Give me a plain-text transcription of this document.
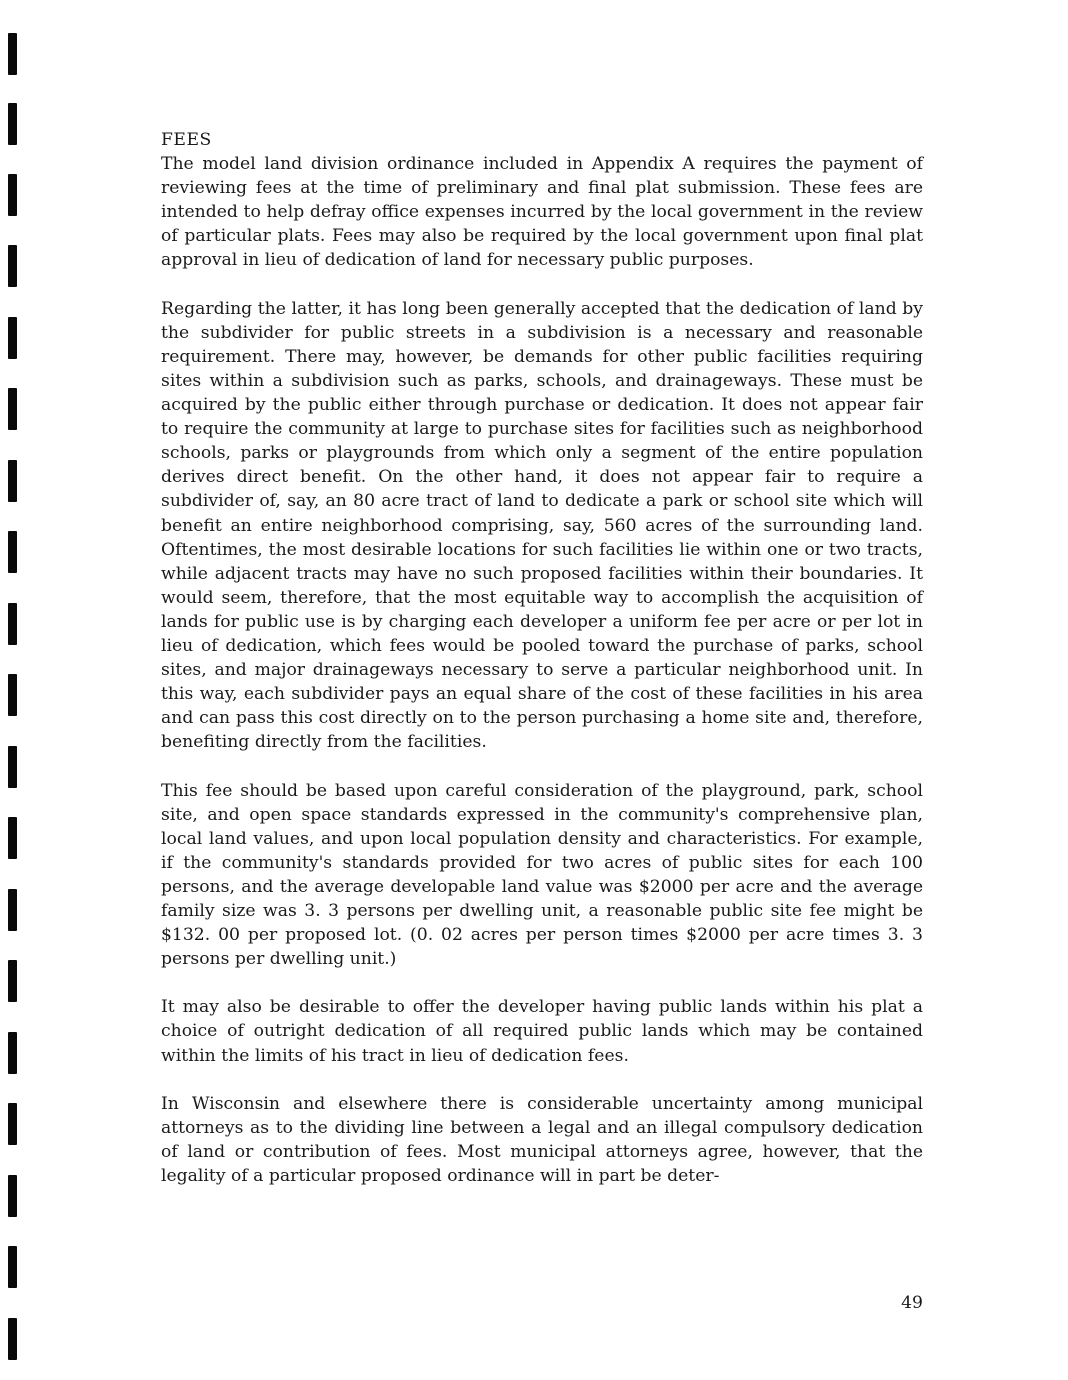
FEES

The model land division ordinance included in Appendix A requires the payment of reviewing fees at the time of preliminary and final plat submission. These fees are intended to help defray office expenses incurred by the local government in the review of particular plats. Fees may also be required by the local government upon final plat approval in lieu of dedication of land for necessary public purposes.

Regarding the latter, it has long been generally accepted that the dedication of land by the subdivider for public streets in a subdivision is a necessary and reasonable requirement. There may, however, be demands for other public facilities requiring sites within a subdivision such as parks, schools, and drainageways. These must be acquired by the public either through purchase or dedication. It does not appear fair to require the community at large to purchase sites for facilities such as neighborhood schools, parks or playgrounds from which only a segment of the entire population derives direct benefit. On the other hand, it does not appear fair to require a subdivider of, say, an 80 acre tract of land to dedicate a park or school site which will benefit an entire neighborhood comprising, say, 560 acres of the surrounding land. Oftentimes, the most desirable locations for such facilities lie within one or two tracts, while adjacent tracts may have no such proposed facilities within their boundaries. It would seem, therefore, that the most equitable way to accomplish the acquisition of lands for public use is by charging each developer a uniform fee per acre or per lot in lieu of dedication, which fees would be pooled toward the purchase of parks, school sites, and major drainageways necessary to serve a particular neighborhood unit. In this way, each subdivider pays an equal share of the cost of these facilities in his area and can pass this cost directly on to the person purchasing a home site and, therefore, benefiting directly from the facilities.

This fee should be based upon careful consideration of the playground, park, school site, and open space standards expressed in the community's comprehensive plan, local land values, and upon local population density and characteristics. For example, if the community's standards provided for two acres of public sites for each 100 persons, and the average developable land value was $2000 per acre and the average family size was 3. 3 persons per dwelling unit, a reasonable public site fee might be $132. 00 per proposed lot. (0. 02 acres per person times $2000 per acre times 3. 3 persons per dwelling unit.)

It may also be desirable to offer the developer having public lands within his plat a choice of outright dedication of all required public lands which may be contained within the limits of his tract in lieu of dedication fees.

In Wisconsin and elsewhere there is considerable uncertainty among municipal attorneys as to the dividing line between a legal and an illegal compulsory dedication of land or contribution of fees. Most municipal attorneys agree, however, that the legality of a particular proposed ordinance will in part be deter-

49
